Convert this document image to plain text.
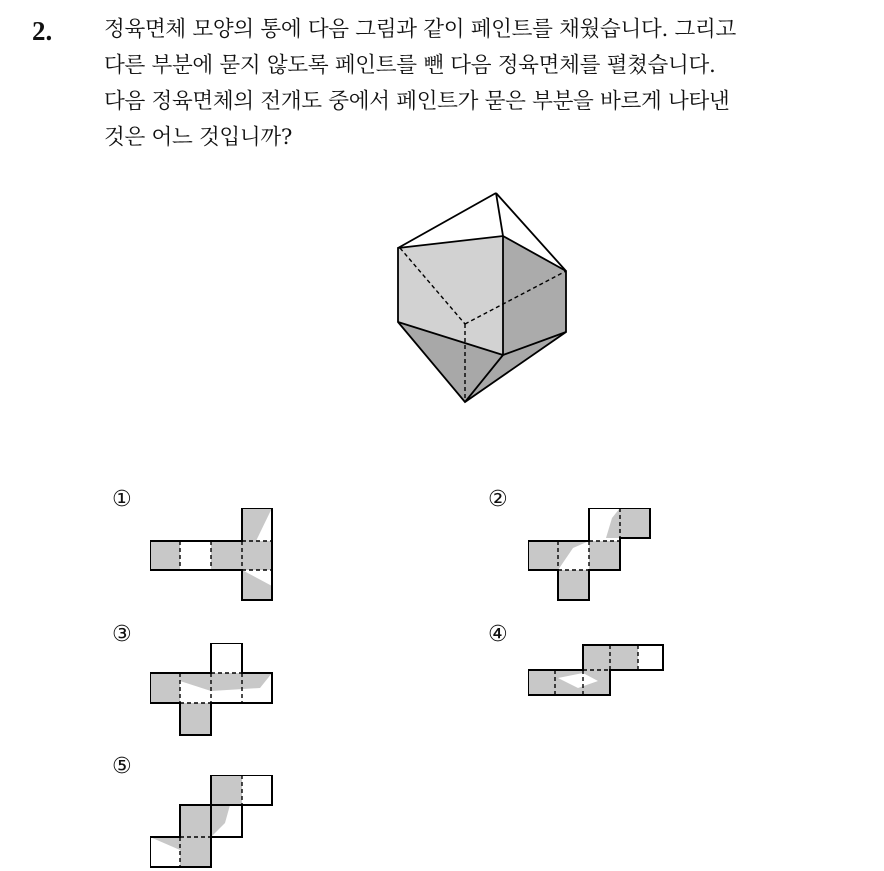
2. 정육면체 모양의 통에 다음 그림과 같이 페인트를 채웠습니다. 그리고
다른 부분에 묻지 않도록 페인트를 뺀 다음 정육면체를 펼쳤습니다.
다음 정육면체의 전개도 중에서 페인트가 묻은 부분을 바르게 나타낸
것은 어느 것입니까?
①	②
③	④
⑤
